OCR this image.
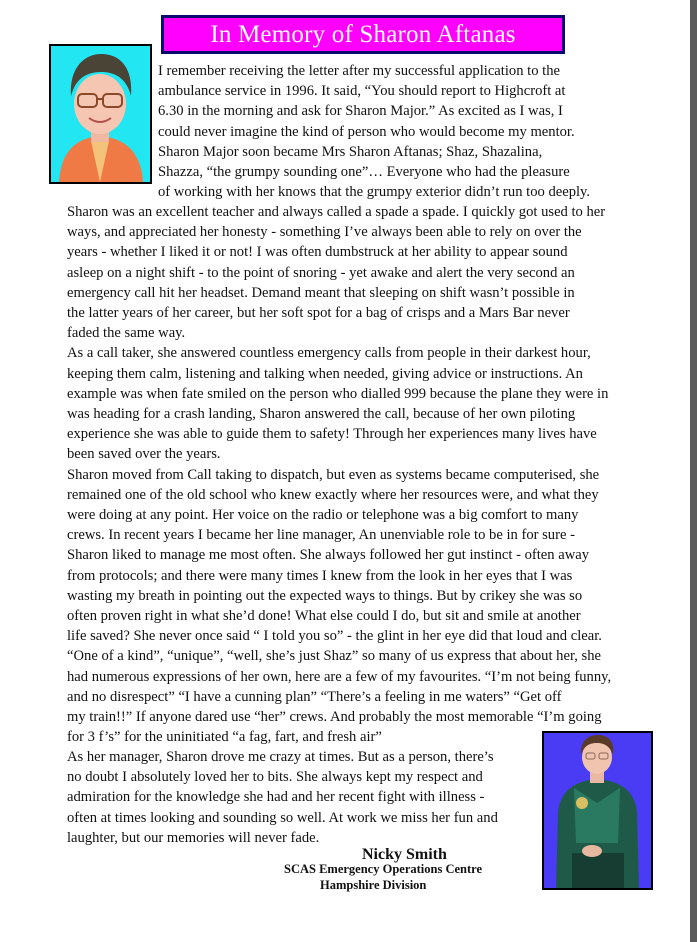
In Memory of Sharon Aftanas
I remember receiving the letter after my successful application to the
ambulance service in 1996. It said, “You should report to Highcroft at
6.30 in the morning and ask for Sharon Major.” As excited as I was, I
could never imagine the kind of person who would become my mentor.
Sharon Major soon became Mrs Sharon Aftanas; Shaz, Shazalina,
Shazza, “the grumpy sounding one”… Everyone who had the pleasure
of working with her knows that the grumpy exterior didn’t run too deeply.
Sharon was an excellent teacher and always called a spade a spade. I quickly got used to her
ways, and appreciated her honesty - something I’ve always been able to rely on over the
years - whether I liked it or not! I was often dumbstruck at her ability to appear sound
asleep on a night shift - to the point of snoring - yet awake and alert the very second an
emergency call hit her headset. Demand meant that sleeping on shift wasn’t possible in
the latter years of her career, but her soft spot for a bag of crisps and a Mars Bar never
faded the same way.
As a call taker, she answered countless emergency calls from people in their darkest hour,
keeping them calm, listening and talking when needed, giving advice or instructions. An
example was when fate smiled on the person who dialled 999 because the plane they were in
was heading for a crash landing, Sharon answered the call, because of her own piloting
experience she was able to guide them to safety! Through her experiences many lives have
been saved over the years.
Sharon moved from Call taking to dispatch, but even as systems became computerised, she
remained one of the old school who knew exactly where her resources were, and what they
were doing at any point. Her voice on the radio or telephone was a big comfort to many
crews. In recent years I became her line manager, An unenviable role to be in for sure -
Sharon liked to manage me most often. She always followed her gut instinct - often away
from protocols; and there were many times I knew from the look in her eyes that I was
wasting my breath in pointing out the expected ways to things. But by crikey she was so
often proven right in what she’d done! What else could I do, but sit and smile at another
life saved? She never once said “ I told you so” - the glint in her eye did that loud and clear.
“One of a kind”, “unique”, “well, she’s just Shaz” so many of us express that about her, she
had numerous expressions of her own, here are a few of my favourites. “I’m not being funny,
and no disrespect” “I have a cunning plan” “There’s a feeling in me waters” “Get off
my train!!” If anyone dared use “her” crews. And probably the most memorable “I’m going
for 3 f’s” for the uninitiated “a fag, fart, and fresh air”
As her manager, Sharon drove me crazy at times. But as a person, there’s
no doubt I absolutely loved her to bits. She always kept my respect and
admiration for the knowledge she had and her recent fight with illness -
often at times looking and sounding so well. At work we miss her fun and
laughter, but our memories will never fade.
Nicky Smith
SCAS Emergency Operations Centre
Hampshire Division
